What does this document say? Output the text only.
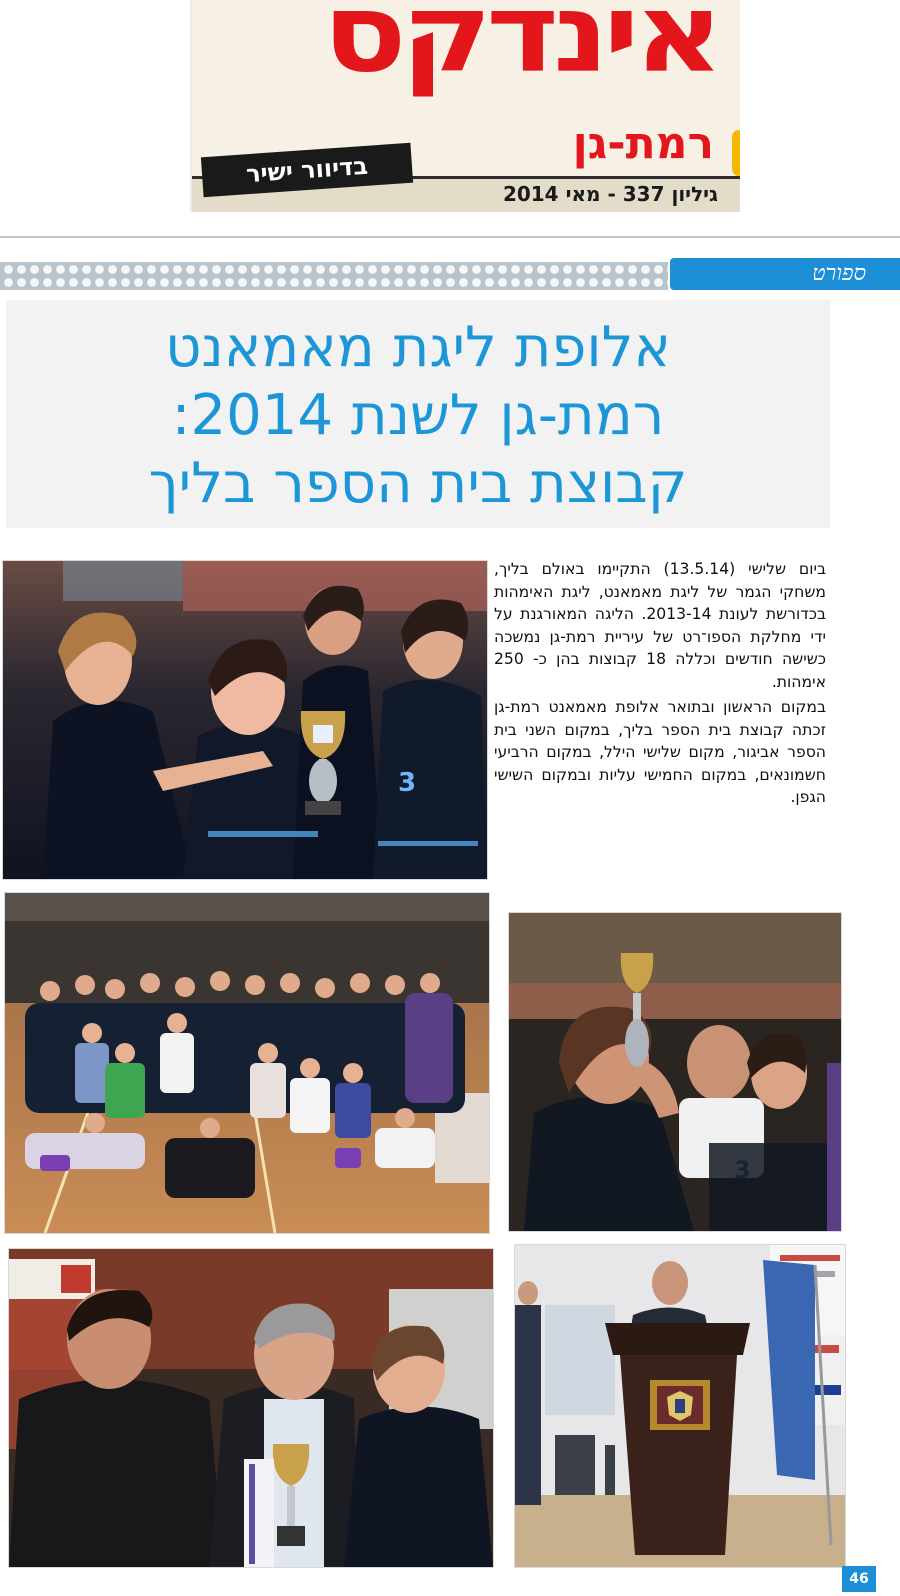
אינדקס
רמת-גן
גיליון 337 - מאי 2014
בדיוור ישיר
ספורט
אלופת ליגת מאמאנט
רמת-גן לשנת 2014:
קבוצת בית הספר בליך
3

ביום שלישי (13.5.14) התקיימו באולם בליך, משחקי הגמר של ליגת מאמאנט, ליגת האימהות בכדורשת לעונת 2013-14. הליגה המאורגנת על ידי מחלקת הספו־רט של עיריית רמת-גן נמשכה כשישה חודשים וכללה 18 קבוצות בהן כ- 250 אימהות.

במקום הראשון ובתואר אלופת מאמאנט רמת-גן זכתה קבוצת בית הספר בליך, במקום השני בית הספר אביגור, מקום שלישי הילל, במקום הרביעי חשמונאים, במקום החמישי עליות ובמקום השישי הגפן.

46
